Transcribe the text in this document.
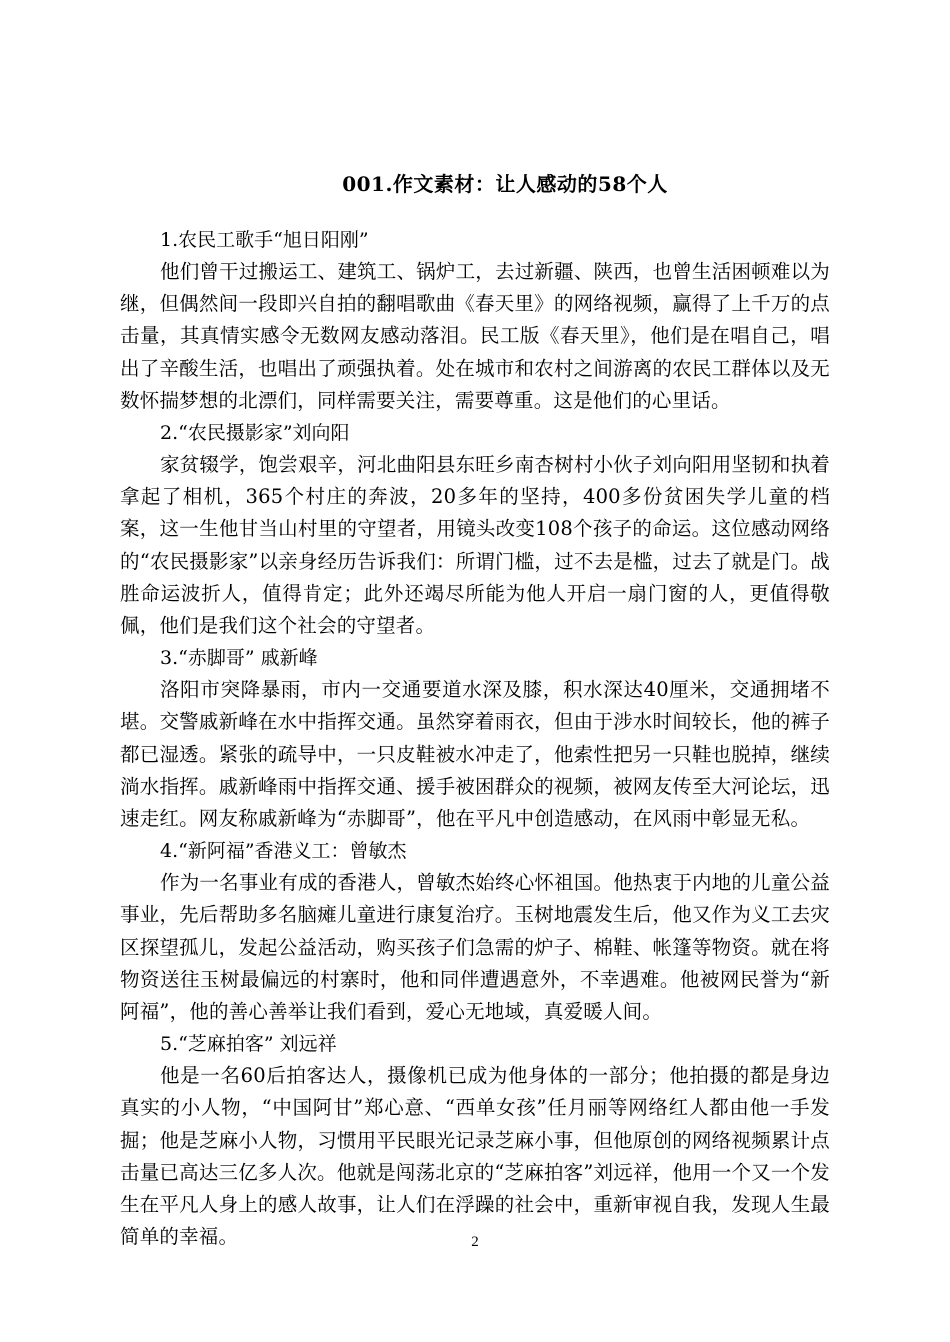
001.作文素材：让人感动的58个人

1.农民工歌手“旭日阳刚”

他们曾干过搬运工、建筑工、锅炉工，去过新疆、陕西，也曾生活困顿难以为继，但偶然间一段即兴自拍的翻唱歌曲《春天里》的网络视频，赢得了上千万的点击量，其真情实感令无数网友感动落泪。民工版《春天里》，他们是在唱自己，唱出了辛酸生活，也唱出了顽强执着。处在城市和农村之间游离的农民工群体以及无数怀揣梦想的北漂们，同样需要关注，需要尊重。这是他们的心里话。

2.“农民摄影家”刘向阳

家贫辍学，饱尝艰辛，河北曲阳县东旺乡南杏树村小伙子刘向阳用坚韧和执着拿起了相机，365个村庄的奔波，20多年的坚持，400多份贫困失学儿童的档案，这一生他甘当山村里的守望者，用镜头改变108个孩子的命运。这位感动网络的“农民摄影家”以亲身经历告诉我们：所谓门槛，过不去是槛，过去了就是门。战胜命运波折人，值得肯定；此外还竭尽所能为他人开启一扇门窗的人，更值得敬佩，他们是我们这个社会的守望者。

3.“赤脚哥” 戚新峰

洛阳市突降暴雨，市内一交通要道水深及膝，积水深达40厘米，交通拥堵不堪。交警戚新峰在水中指挥交通。虽然穿着雨衣，但由于涉水时间较长，他的裤子都已湿透。紧张的疏导中，一只皮鞋被水冲走了，他索性把另一只鞋也脱掉，继续淌水指挥。戚新峰雨中指挥交通、援手被困群众的视频，被网友传至大河论坛，迅速走红。网友称戚新峰为“赤脚哥”，他在平凡中创造感动，在风雨中彰显无私。

4.“新阿福”香港义工：曾敏杰

作为一名事业有成的香港人，曾敏杰始终心怀祖国。他热衷于内地的儿童公益事业，先后帮助多名脑瘫儿童进行康复治疗。玉树地震发生后，他又作为义工去灾区探望孤儿，发起公益活动，购买孩子们急需的炉子、棉鞋、帐篷等物资。就在将物资送往玉树最偏远的村寨时，他和同伴遭遇意外，不幸遇难。他被网民誉为“新阿福”，他的善心善举让我们看到，爱心无地域，真爱暖人间。

5.“芝麻拍客” 刘远祥

他是一名60后拍客达人，摄像机已成为他身体的一部分；他拍摄的都是身边真实的小人物，“中国阿甘”郑心意、“西单女孩”任月丽等网络红人都由他一手发掘；他是芝麻小人物，习惯用平民眼光记录芝麻小事，但他原创的网络视频累计点击量已高达三亿多人次。他就是闯荡北京的“芝麻拍客”刘远祥，他用一个又一个发生在平凡人身上的感人故事，让人们在浮躁的社会中，重新审视自我，发现人生最简单的幸福。	2
